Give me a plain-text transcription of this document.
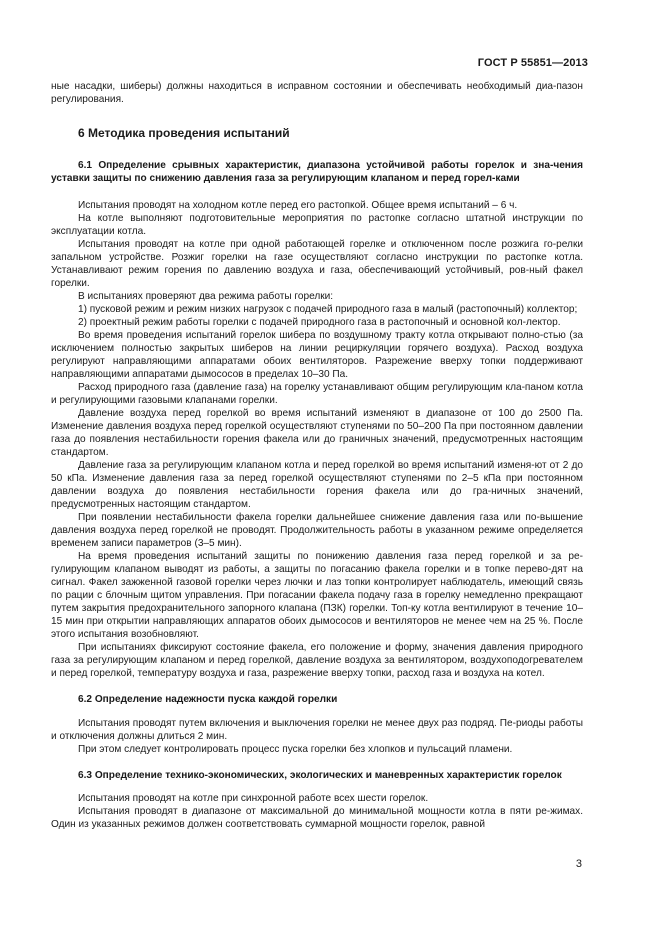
ГОСТ Р 55851—2013

ные насадки, шиберы) должны находиться в исправном состоянии и обеспечивать необходимый диа-пазон регулирования.

6 Методика проведения испытаний

6.1 Определение срывных характеристик, диапазона устойчивой работы горелок и зна-чения уставки защиты по снижению давления газа за регулирующим клапаном и перед горел-ками

Испытания проводят на холодном котле перед его растопкой. Общее время испытаний – 6 ч.

На котле выполняют подготовительные мероприятия по растопке согласно штатной инструкции по эксплуатации котла.

Испытания проводят на котле при одной работающей горелке и отключенном после розжига го-релки запальном устройстве. Розжиг горелки на газе осуществляют согласно инструкции по растопке котла. Устанавливают режим горения по давлению воздуха и газа, обеспечивающий устойчивый, ров-ный факел горелки.

В испытаниях проверяют два режима работы горелки:

1) пусковой режим и режим низких нагрузок с подачей природного газа в малый (растопочный) коллектор;

2) проектный режим работы горелки с подачей природного газа в растопочный и основной кол-лектор.

Во время проведения испытаний горелок шибера по воздушному тракту котла открывают полно-стью (за исключением полностью закрытых шиберов на линии рециркуляции горячего воздуха). Расход воздуха регулируют направляющими аппаратами обоих вентиляторов. Разрежение вверху топки поддерживают направляющими аппаратами дымососов в пределах 10–30 Па.

Расход природного газа (давление газа) на горелку устанавливают общим регулирующим кла-паном котла и регулирующими газовыми клапанами горелки.

Давление воздуха перед горелкой во время испытаний изменяют в диапазоне от 100 до 2500 Па. Изменение давления воздуха перед горелкой осуществляют ступенями по 50–200 Па при постоянном давлении газа до появления нестабильности горения факела или до граничных значений, предусмотренных настоящим стандартом.

Давление газа за регулирующим клапаном котла и перед горелкой во время испытаний изменя-ют от 2 до 50 кПа. Изменение давления газа за перед горелкой осуществляют ступенями по 2–5 кПа при постоянном давлении воздуха до появления нестабильности горения факела или до гра-ничных значений, предусмотренных настоящим стандартом.

При появлении нестабильности факела горелки дальнейшее снижение давления газа или по-вышение давления воздуха перед горелкой не проводят. Продолжительность работы в указанном режиме определяется временем записи параметров (3–5 мин).

На время проведения испытаний защиты по понижению давления газа перед горелкой и за ре-гулирующим клапаном выводят из работы, а защиты по погасанию факела горелки и в топке перево-дят на сигнал. Факел зажженной газовой горелки через лючки и лаз топки контролирует наблюдатель, имеющий связь по рации с блочным щитом управления. При погасании факела подачу газа в горелку немедленно прекращают путем закрытия предохранительного запорного клапана (ПЗК) горелки. Топ-ку котла вентилируют в течение 10–15 мин при открытии направляющих аппаратов обоих дымососов и вентиляторов не менее чем на 25 %. После этого испытания возобновляют.

При испытаниях фиксируют состояние факела, его положение и форму, значения давления природного газа за регулирующим клапаном и перед горелкой, давление воздуха за вентилятором, воздухоподогревателем и перед горелкой, температуру воздуха и газа, разрежение вверху топки, расход газа и воздуха на котел.

6.2 Определение надежности пуска каждой горелки

Испытания проводят путем включения и выключения горелки не менее двух раз подряд. Пе-риоды работы и отключения должны длиться 2 мин.

При этом следует контролировать процесс пуска горелки без хлопков и пульсаций пламени.

6.3 Определение технико-экономических, экологических и маневренных характеристик горелок

Испытания проводят на котле при синхронной работе всех шести горелок.

Испытания проводят в диапазоне от максимальной до минимальной мощности котла в пяти ре-жимах. Один из указанных режимов должен соответствовать суммарной мощности горелок, равной

3
